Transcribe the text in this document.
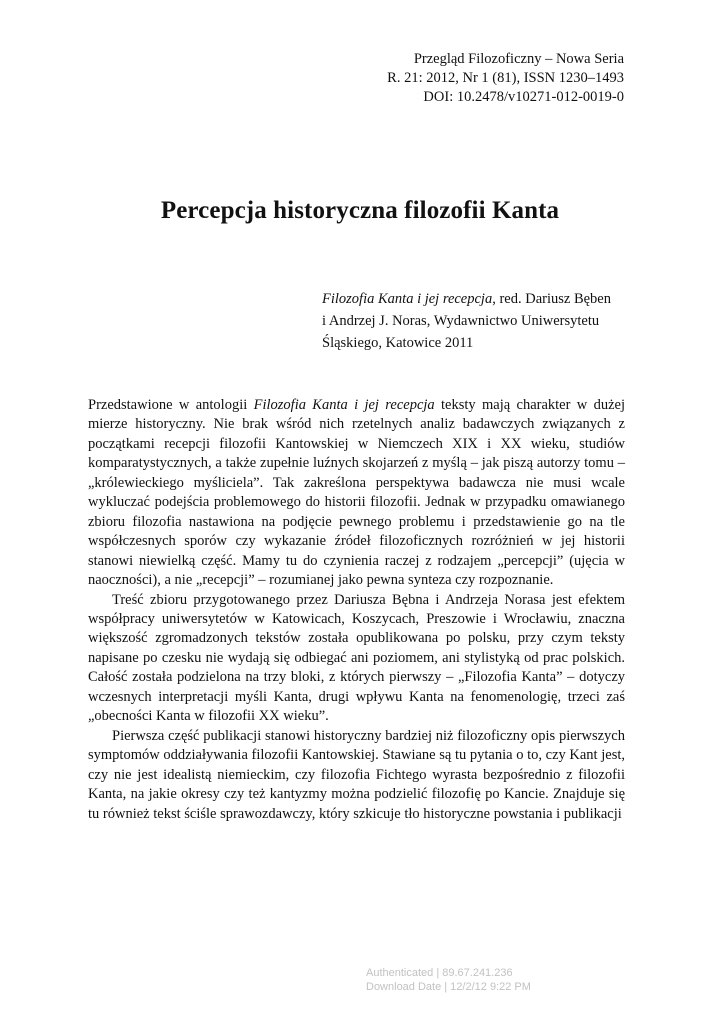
Przegląd Filozoficzny – Nowa Seria
R. 21: 2012, Nr 1 (81), ISSN 1230–1493
DOI: 10.2478/v10271-012-0019-0
Percepcja historyczna filozofii Kanta
Filozofia Kanta i jej recepcja, red. Dariusz Bęben
i Andrzej J. Noras, Wydawnictwo Uniwersytetu
Śląskiego, Katowice 2011

Przedstawione w antologii Filozofia Kanta i jej recepcja teksty mają charakter w dużej mierze historyczny. Nie brak wśród nich rzetelnych analiz badawczych związanych z początkami recepcji filozofii Kantowskiej w Niemczech XIX i XX wieku, studiów komparatystycznych, a także zupełnie luźnych skojarzeń z myślą – jak piszą autorzy tomu – „królewieckiego myśliciela”. Tak zakreślona perspektywa badawcza nie musi wcale wykluczać podejścia problemowego do historii filozofii. Jednak w przypadku omawianego zbioru filozofia nastawiona na podjęcie pewnego problemu i przedstawienie go na tle współczesnych sporów czy wykazanie źródeł filozoficznych rozróżnień w jej historii stanowi niewielką część. Mamy tu do czynienia raczej z rodzajem „percepcji” (ujęcia w naoczności), a nie „recepcji” – rozumianej jako pewna synteza czy rozpoznanie.

Treść zbioru przygotowanego przez Dariusza Bębna i Andrzeja Norasa jest efektem współpracy uniwersytetów w Katowicach, Koszycach, Preszowie i Wrocławiu, znaczna większość zgromadzonych tekstów została opublikowana po polsku, przy czym teksty napisane po czesku nie wydają się odbiegać ani poziomem, ani stylistyką od prac polskich. Całość została podzielona na trzy bloki, z których pierwszy – „Filozofia Kanta” – dotyczy wczesnych interpretacji myśli Kanta, drugi wpływu Kanta na fenomenologię, trzeci zaś „obecności Kanta w filozofii XX wieku”.

Pierwsza część publikacji stanowi historyczny bardziej niż filozoficzny opis pierwszych symptomów oddziaływania filozofii Kantowskiej. Stawiane są tu pytania o to, czy Kant jest, czy nie jest idealistą niemieckim, czy filozofia Fichtego wyrasta bezpośrednio z filozofii Kanta, na jakie okresy czy też kantyzmy można podzielić filozofię po Kancie. Znajduje się tu również tekst ściśle sprawozdawczy, który szkicuje tło historyczne powstania i publikacji

Authenticated | 89.67.241.236
Download Date | 12/2/12 9:22 PM
